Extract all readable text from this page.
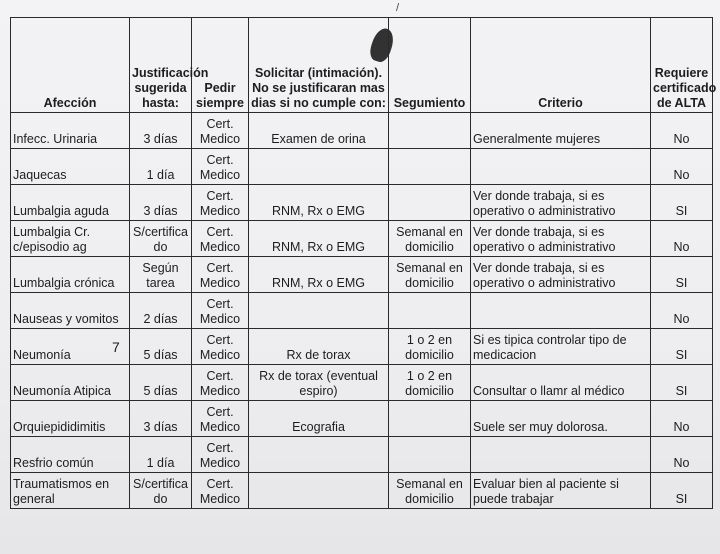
/
Afección	Justificación sugerida hasta:	Pedir siempre	Solicitar (intimación). No se justificaran mas dias si no cumple con:	Segumiento	Criterio	Requiere certificado de ALTA
Infecc. Urinaria	3 días	Cert. Medico	Examen de orina		Generalmente mujeres	No
Jaquecas	1 día	Cert. Medico				No
Lumbalgia aguda	3 días	Cert. Medico	RNM, Rx o EMG		Ver donde trabaja, si es operativo o administrativo	SI
Lumbalgia Cr. c/episodio ag	S/certifica do	Cert. Medico	RNM, Rx o EMG	Semanal en domicilio	Ver donde trabaja, si es operativo o administrativo	No
Lumbalgia crónica	Según tarea	Cert. Medico	RNM, Rx o EMG	Semanal en domicilio	Ver donde trabaja, si es operativo o administrativo	SI
Nauseas y vomitos	2 días	Cert. Medico				No
Neumonía	5 días	Cert. Medico	Rx de torax	1 o 2 en domicilio	Si es tipica controlar tipo de medicacion	SI
Neumonía Atipica	5 días	Cert. Medico	Rx de torax (eventual espiro)	1 o 2 en domicilio	Consultar o llamr al médico	SI
Orquiepididimitis	3 días	Cert. Medico	Ecografia		Suele ser muy dolorosa.	No
Resfrio común	1 día	Cert. Medico				No
Traumatismos en general	S/certifica do	Cert. Medico		Semanal en domicilio	Evaluar bien al paciente si puede trabajar	SI
7
